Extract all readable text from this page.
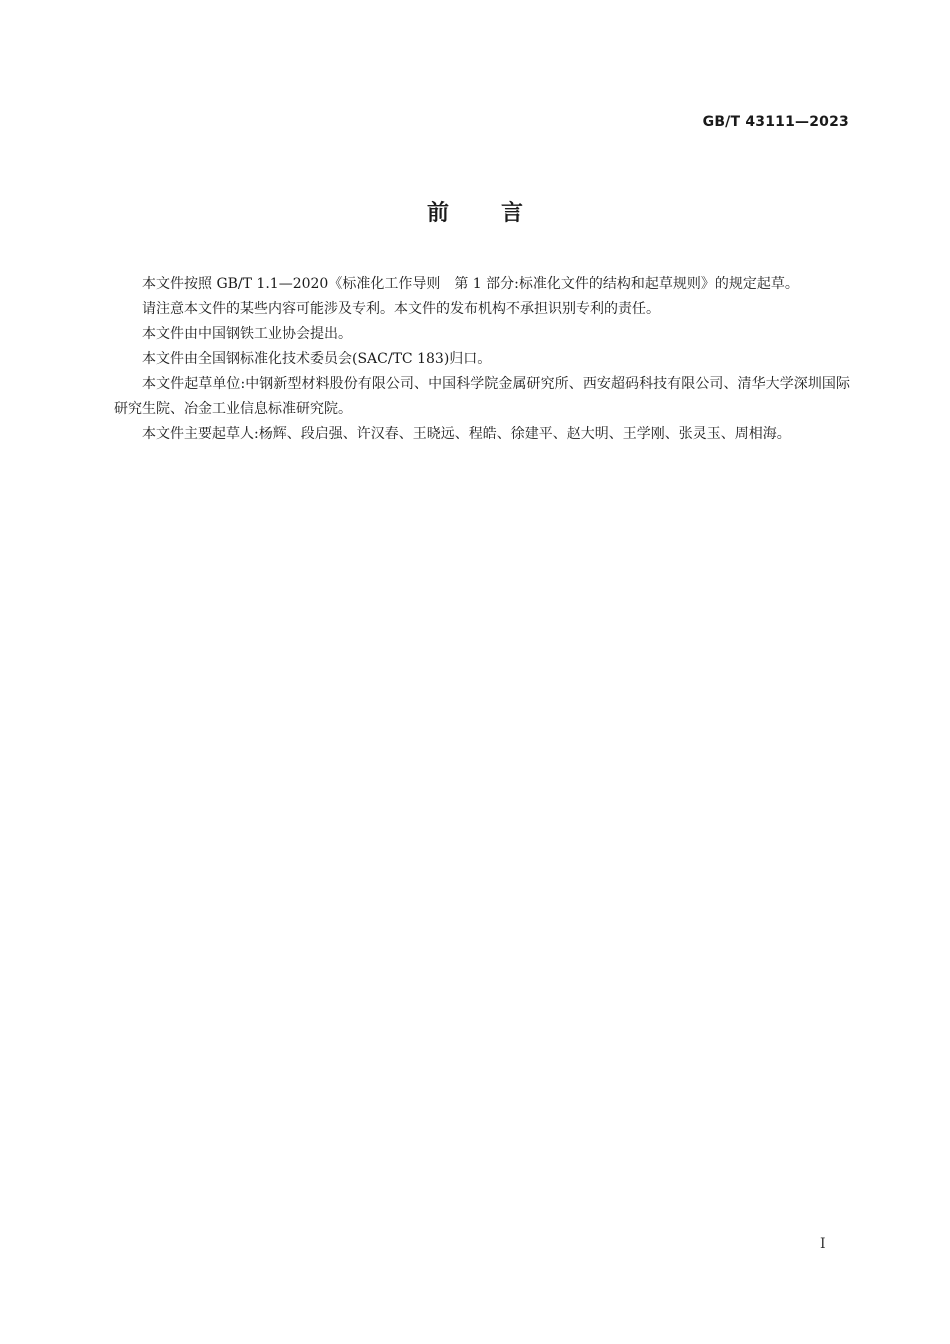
GB/T 43111—2023
前 言

本文件按照 GB/T 1.1—2020《标准化工作导则　第 1 部分:标准化文件的结构和起草规则》的规定起草。

请注意本文件的某些内容可能涉及专利。本文件的发布机构不承担识别专利的责任。

本文件由中国钢铁工业协会提出。

本文件由全国钢标准化技术委员会(SAC/TC 183)归口。

本文件起草单位:中钢新型材料股份有限公司、中国科学院金属研究所、西安超码科技有限公司、清华大学深圳国际研究生院、冶金工业信息标准研究院。

本文件主要起草人:杨辉、段启强、许汉春、王晓远、程皓、徐建平、赵大明、王学刚、张灵玉、周相海。

I
